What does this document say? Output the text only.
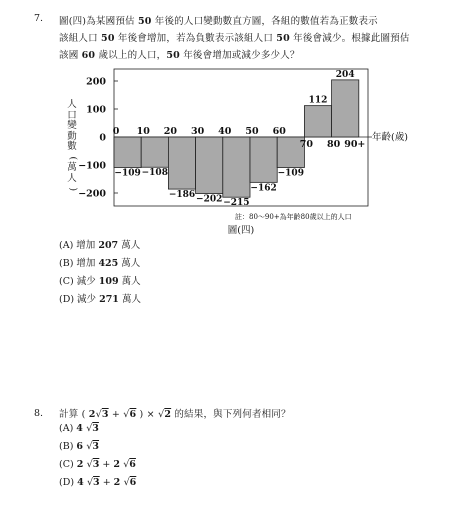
7. 圖(四)為某國預估 50 年後的人口變動數直方圖，各組的數值若為正數表示
該組人口 50 年後會增加，若為負數表示該組人口 50 年後會減少。根據此圖預估
該國 60 歲以上的人口，50 年後會增加或減少多少人？
人
口
變
動
數
(
萬
人
)
200
100
0
−100
−200
−109 −108
−186 −202 −215
−162
−109
112
204
0 10 20 30 40 50 60
70 80 90+
年齡(歲)
註：80～90+為年齡80歲以上的人口
圖(四)
(A) 增加 207 萬人
(B) 增加 425 萬人
(C) 減少 109 萬人
(D) 減少 271 萬人
8. 計算 ( 2√3 + √6 ) × √2 的結果，與下列何者相同？
(A) 4 √3
(B) 6 √3
(C) 2 √3 + 2 √6
(D) 4 √3 + 2 √6
